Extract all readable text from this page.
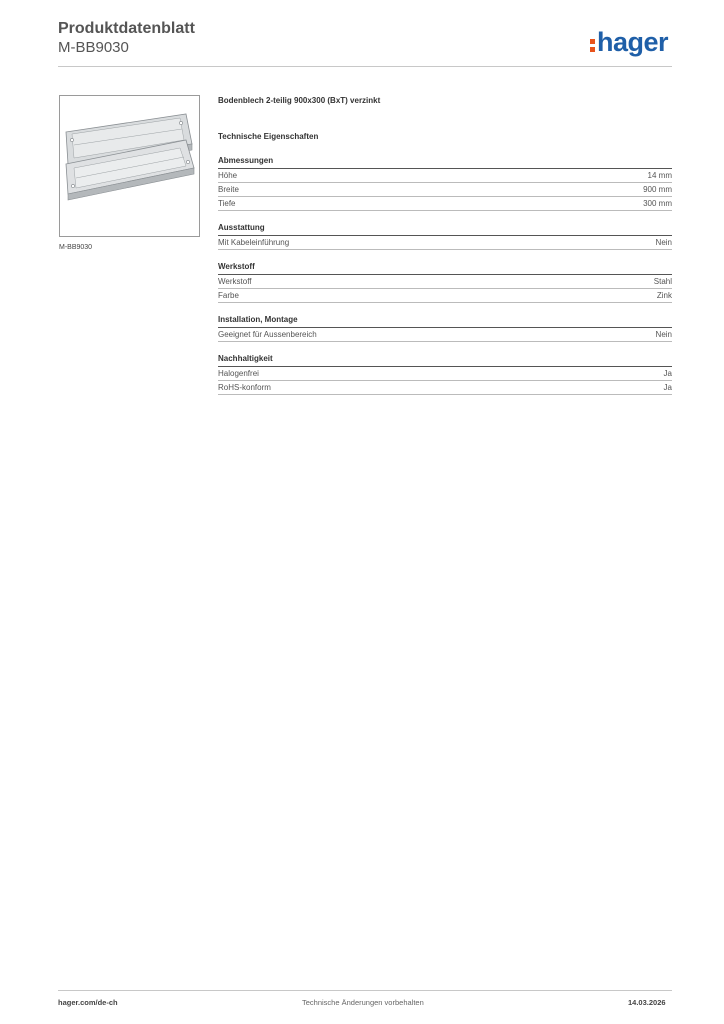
Produktdatenblatt
M-BB9030	hager
M-BB9030
Bodenblech 2-teilig 900x300 (BxT) verzinkt
Technische Eigenschaften
Abmessungen
Höhe	14 mm
Breite	900 mm
Tiefe	300 mm
Ausstattung
Mit Kabeleinführung	Nein
Werkstoff
Werkstoff	Stahl
Farbe	Zink
Installation, Montage
Geeignet für Aussenbereich	Nein
Nachhaltigkeit
Halogenfrei	Ja
RoHS-konform	Ja
hager.com/de-ch	Technische Änderungen vorbehalten	14.03.2026
